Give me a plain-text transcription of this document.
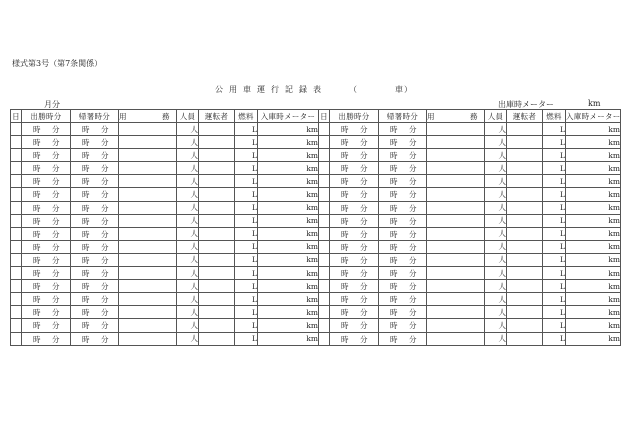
様式第3号（第7条関係）
公用車運行記録表	（	車 ）
月分	出庫時メーター	km
日	出勝時分	帰署時分	用　務	人員	運転者	燃料	入庫時メーター	日	出勝時分	帰署時分	用　務	人員	運転者	燃料	入庫時メーター

	時 分	時 分		人		L	km		時 分	時 分		人		L	km

	時 分	時 分		人		L	km		時 分	時 分		人		L	km

	時 分	時 分		人		L	km		時 分	時 分		人		L	km

	時 分	時 分		人		L	km		時 分	時 分		人		L	km

	時 分	時 分		人		L	km		時 分	時 分		人		L	km

	時 分	時 分		人		L	km		時 分	時 分		人		L	km

	時 分	時 分		人		L	km		時 分	時 分		人		L	km

	時 分	時 分		人		L	km		時 分	時 分		人		L	km

	時 分	時 分		人		L	km		時 分	時 分		人		L	km

	時 分	時 分		人		L	km		時 分	時 分		人		L	km

	時 分	時 分		人		L	km		時 分	時 分		人		L	km

	時 分	時 分		人		L	km		時 分	時 分		人		L	km

	時 分	時 分		人		L	km		時 分	時 分		人		L	km

	時 分	時 分		人		L	km		時 分	時 分		人		L	km

	時 分	時 分		人		L	km		時 分	時 分		人		L	km

	時 分	時 分		人		L	km		時 分	時 分		人		L	km

	時 分	時 分		人		L	km		時 分	時 分		人		L	km
